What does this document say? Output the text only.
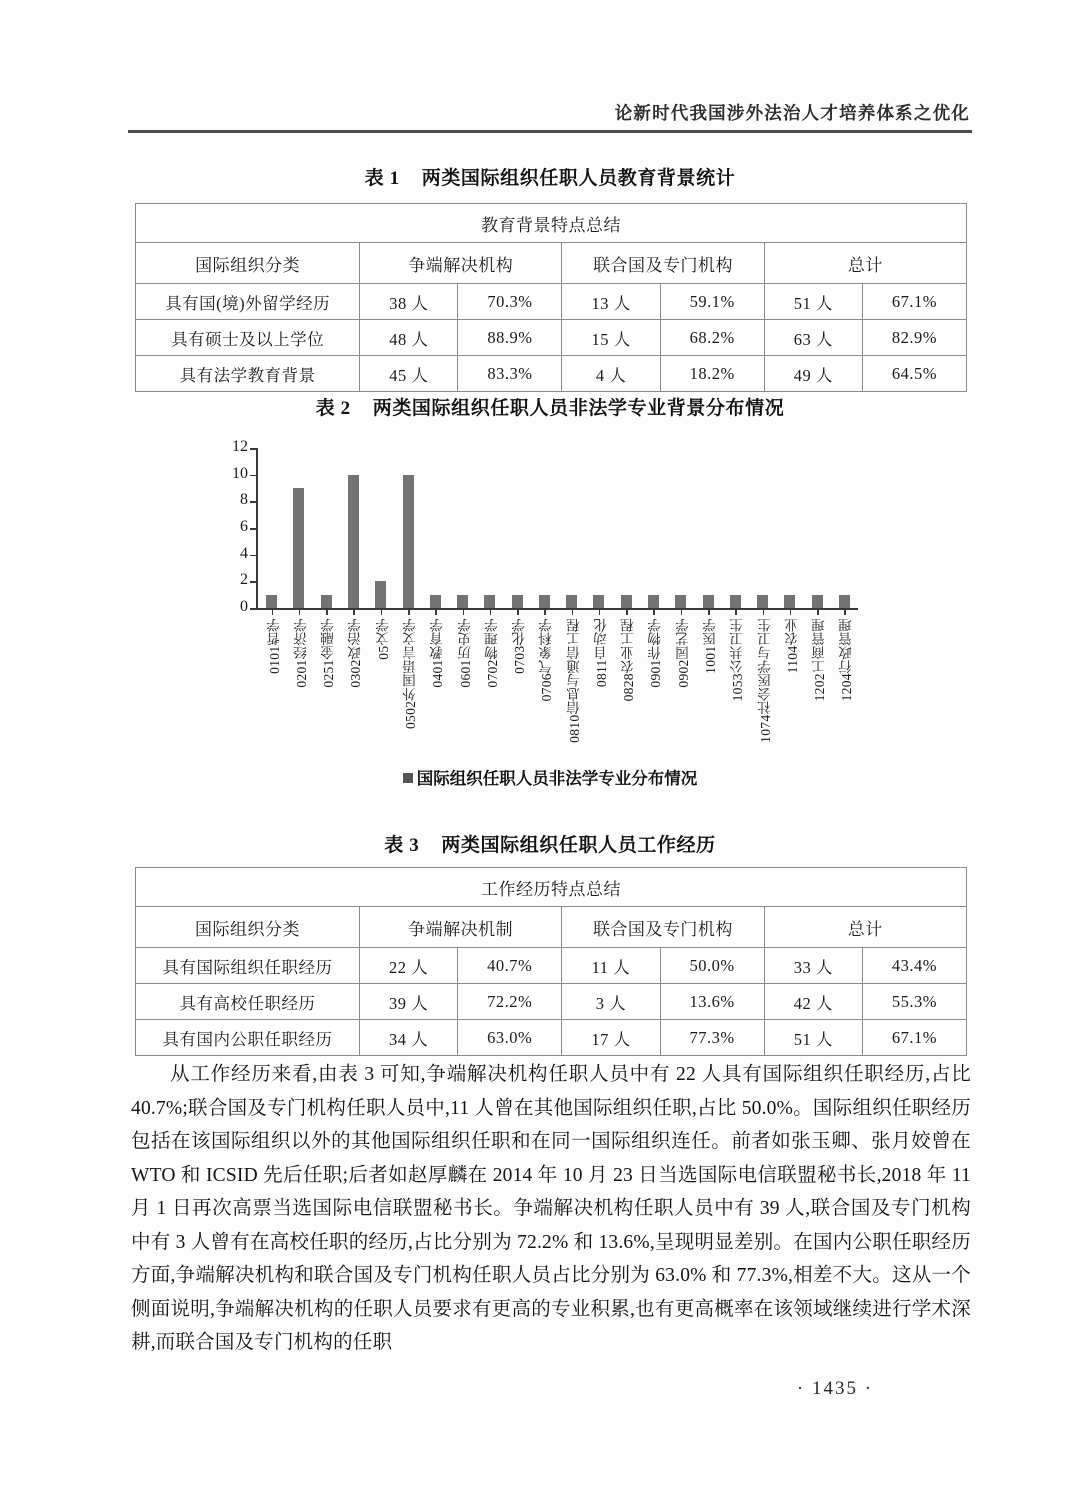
论新时代我国涉外法治人才培养体系之优化
表 1 两类国际组织任职人员教育背景统计
教育背景特点总结						
国际组织分类	争端解决机构		联合国及专门机构		总计	
具有国(境)外留学经历	38 人	70.3%	13 人	59.1%	51 人	67.1%
具有硕士及以上学位	48 人	88.9%	15 人	68.2%	63 人	82.9%
具有法学教育背景	45 人	83.3%	4 人	18.2%	49 人	64.5%
表 2 两类国际组织任职人员非法学专业背景分布情况
0
2
4
6
8
10
12
0101哲学 0201经济学 0251金融学 0302政治学 05文学 0502外国语言文学 0401教育学 0601历史学 0702物理学 0703化学 0706气象科学 0810信息与通信工程 0811自动化 0828农业工程 0901作物学 0902园艺学 1001医学 1053公共卫生 1074社会医学与卫生 1104农业 1202工商管理 1204行政管理
国际组织任职人员非法学专业分布情况
表 3 两类国际组织任职人员工作经历
工作经历特点总结						
国际组织分类	争端解决机制		联合国及专门机构		总计	
具有国际组织任职经历	22 人	40.7%	11 人	50.0%	33 人	43.4%
具有高校任职经历	39 人	72.2%	3 人	13.6%	42 人	55.3%
具有国内公职任职经历	34 人	63.0%	17 人	77.3%	51 人	67.1%

从工作经历来看,由表 3 可知,争端解决机构任职人员中有 22 人具有国际组织任职经历,占比 40.7%;联合国及专门机构任职人员中,11 人曾在其他国际组织任职,占比 50.0%。国际组织任职经历包括在该国际组织以外的其他国际组织任职和在同一国际组织连任。前者如张玉卿、张月姣曾在 WTO 和 ICSID 先后任职;后者如赵厚麟在 2014 年 10 月 23 日当选国际电信联盟秘书长,2018 年 11 月 1 日再次高票当选国际电信联盟秘书长。争端解决机构任职人员中有 39 人,联合国及专门机构中有 3 人曾有在高校任职的经历,占比分别为 72.2% 和 13.6%,呈现明显差别。在国内公职任职经历方面,争端解决机构和联合国及专门机构任职人员占比分别为 63.0% 和 77.3%,相差不大。这从一个侧面说明,争端解决机构的任职人员要求有更高的专业积累,也有更高概率在该领域继续进行学术深耕,而联合国及专门机构的任职

· 1435 ·
